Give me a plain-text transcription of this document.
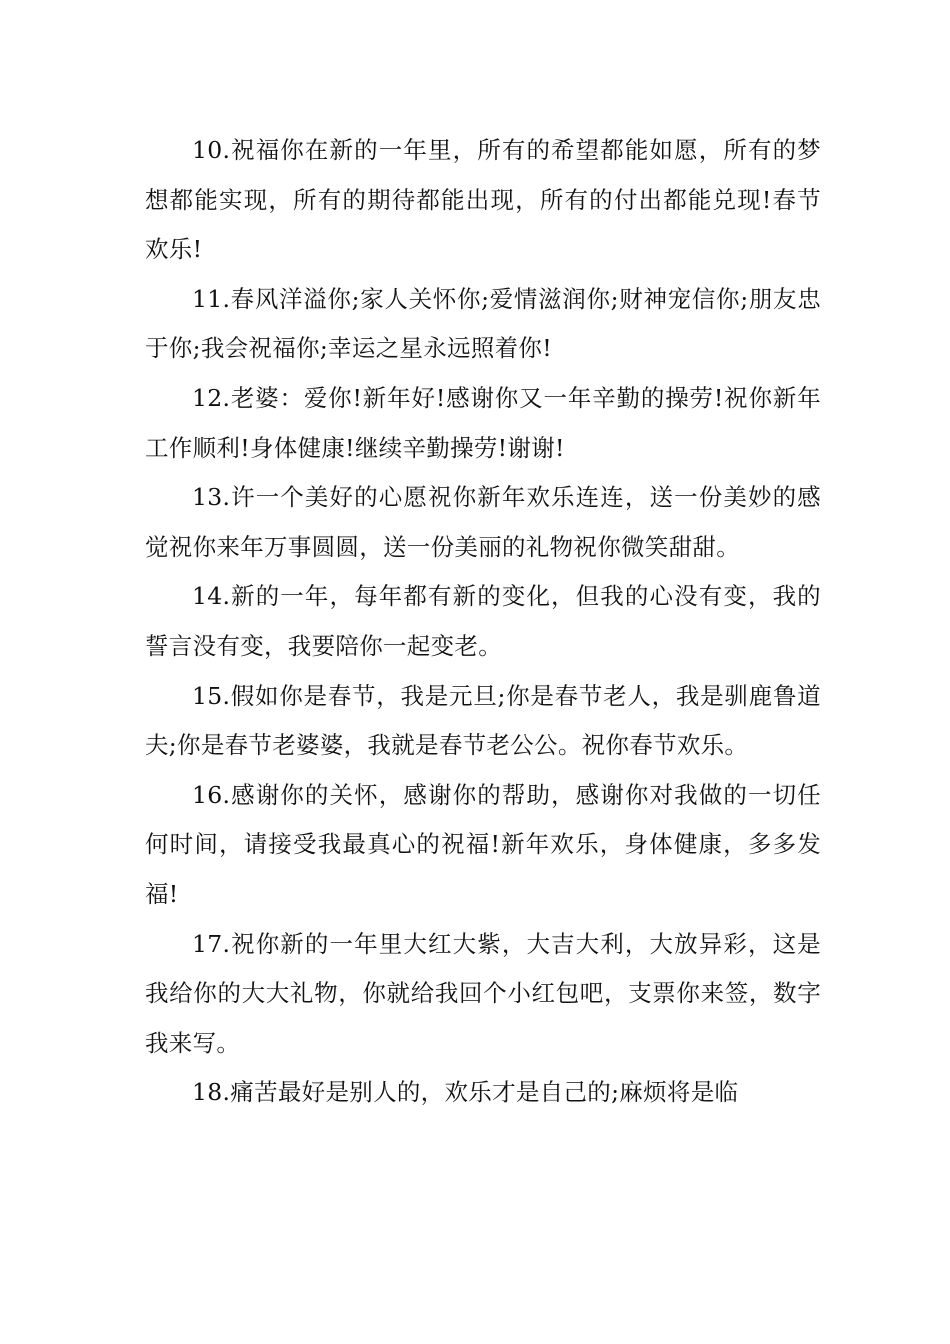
10.祝福你在新的一年里，所有的希望都能如愿，所有的梦想都能实现，所有的期待都能出现，所有的付出都能兑现!春节欢乐!

11.春风洋溢你;家人关怀你;爱情滋润你;财神宠信你;朋友忠于你;我会祝福你;幸运之星永远照着你!

12.老婆：爱你!新年好!感谢你又一年辛勤的操劳!祝你新年工作顺利!身体健康!继续辛勤操劳!谢谢!

13.许一个美好的心愿祝你新年欢乐连连，送一份美妙的感觉祝你来年万事圆圆，送一份美丽的礼物祝你微笑甜甜。

14.新的一年，每年都有新的变化，但我的心没有变，我的誓言没有变，我要陪你一起变老。

15.假如你是春节，我是元旦;你是春节老人，我是驯鹿鲁道夫;你是春节老婆婆，我就是春节老公公。祝你春节欢乐。

16.感谢你的关怀，感谢你的帮助，感谢你对我做的一切任何时间，请接受我最真心的祝福!新年欢乐，身体健康，多多发福!

17.祝你新的一年里大红大紫，大吉大利，大放异彩，这是我给你的大大礼物，你就给我回个小红包吧，支票你来签，数字我来写。

18.痛苦最好是别人的，欢乐才是自己的;麻烦将是临
